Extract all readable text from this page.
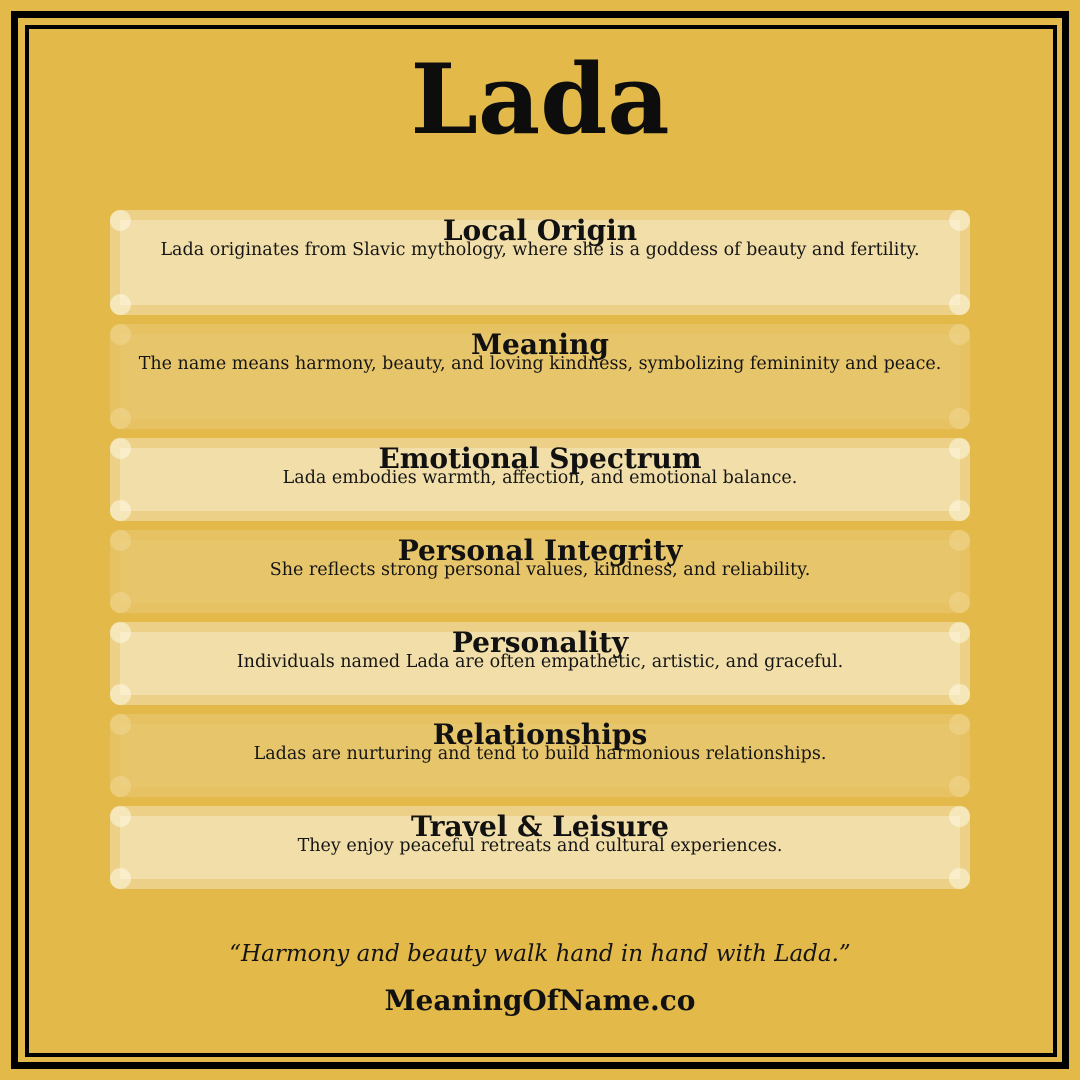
Lada
Local Origin
Lada originates from Slavic mythology, where she is a goddess of beauty and fertility.
Meaning
The name means harmony, beauty, and loving kindness, symbolizing femininity and peace.
Emotional Spectrum
Lada embodies warmth, affection, and emotional balance.
Personal Integrity
She reflects strong personal values, kindness, and reliability.
Personality
Individuals named Lada are often empathetic, artistic, and graceful.
Relationships
Ladas are nurturing and tend to build harmonious relationships.
Travel & Leisure
They enjoy peaceful retreats and cultural experiences.
“Harmony and beauty walk hand in hand with Lada.”
MeaningOfName.co
